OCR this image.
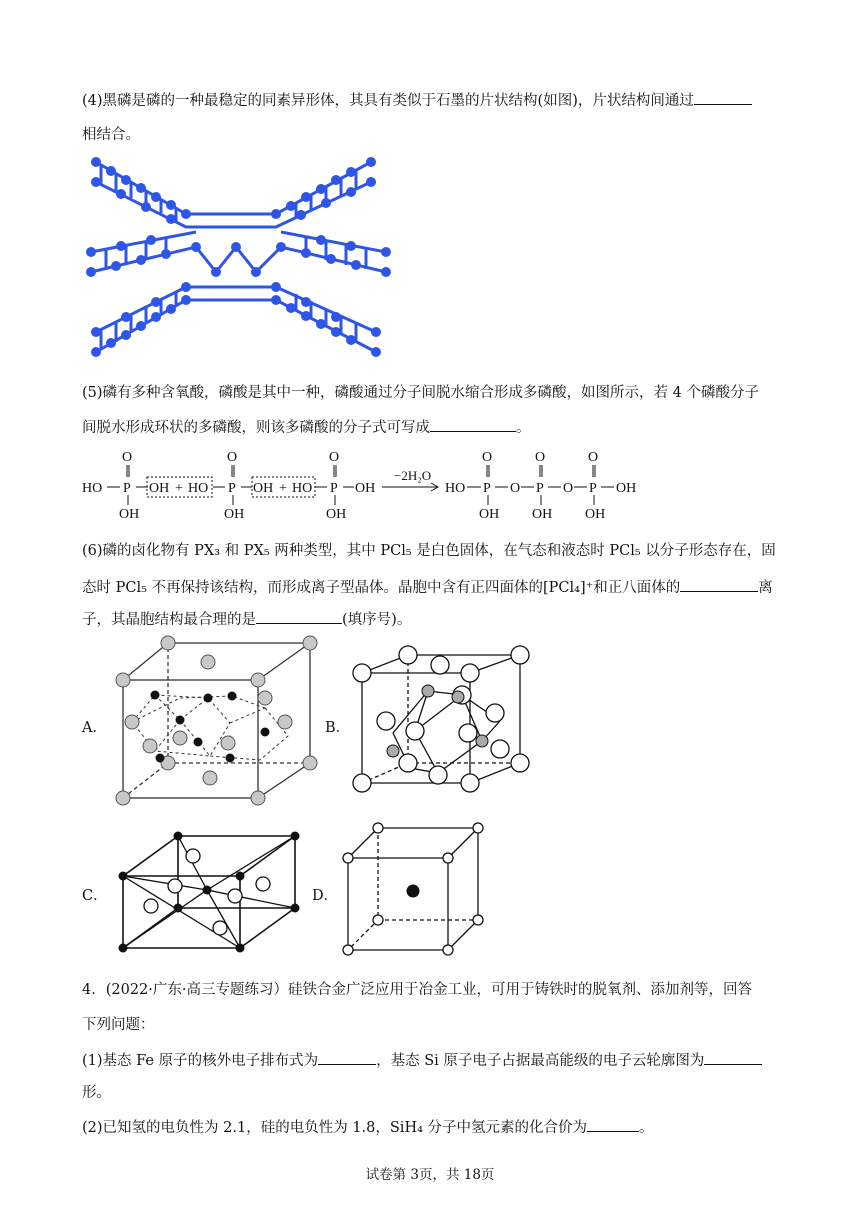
(4)黑磷是磷的一种最稳定的同素异形体，其具有类似于石墨的片状结构(如图)，片状结构间通过
相结合。
(5)磷有多种含氧酸，磷酸是其中一种，磷酸通过分子间脱水缩合形成多磷酸，如图所示，若 4 个磷酸分子
间脱水形成环状的多磷酸，则该多磷酸的分子式可写成	。
O
HO P OH
OH
+ HO
O
P OH
OH
+ HO
O
P OH
OH
−2H₂O
HO
O
P O
OH
O
P O
OH
O
P OH
OH
(6)磷的卤化物有 PX₃ 和 PX₅ 两种类型，其中 PCl₅ 是白色固体，在气态和液态时 PCl₅ 以分子形态存在，固
态时 PCl₅ 不再保持该结构，而形成离子型晶体。晶胞中含有正四面体的[PCl₄]⁺和正八面体的	离
子，其晶胞结构最合理的是	(填序号)。
A．	B．
C．	D．
4．(2022·广东·高三专题练习）硅铁合金广泛应用于冶金工业，可用于铸铁时的脱氧剂、添加剂等，回答
下列问题：
(1)基态 Fe 原子的核外电子排布式为	，基态 Si 原子电子占据最高能级的电子云轮廓图为
形。
(2)已知氢的电负性为 2.1，硅的电负性为 1.8，SiH₄ 分子中氢元素的化合价为	。
试卷第 3页，共 18页
